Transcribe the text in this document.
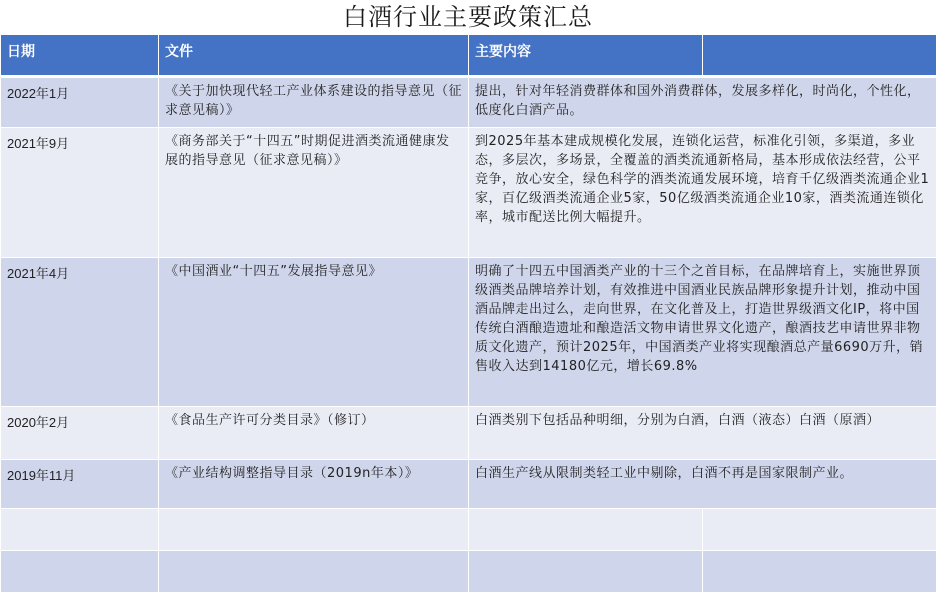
白酒行业主要政策汇总
日期	文件	主要内容	
2022年1月	《关于加快现代轻工产业体系建设的指导意见（征求意见稿）》	提出，针对年轻消费群体和国外消费群体，发展多样化，时尚化，个性化，低度化白酒产品。	
2021年9月	《商务部关于“十四五”时期促进酒类流通健康发展的指导意见（征求意见稿）》	到2025年基本建成规模化发展，连锁化运营，标准化引领，多渠道，多业态，多层次，多场景，全覆盖的酒类流通新格局，基本形成依法经营，公平竞争，放心安全，绿色科学的酒类流通发展环境，培育千亿级酒类流通企业1家，百亿级酒类流通企业5家，50亿级酒类流通企业10家，酒类流通连锁化率，城市配送比例大幅提升。	
2021年4月	《中国酒业“十四五”发展指导意见》	明确了十四五中国酒类产业的十三个之首目标，在品牌培育上，实施世界顶级酒类品牌培养计划，有效推进中国酒业民族品牌形象提升计划，推动中国酒品牌走出过么，走向世界，在文化普及上，打造世界级酒文化IP，将中国传统白酒酿造遗址和酿造活文物申请世界文化遗产，酿酒技艺申请世界非物质文化遗产，预计2025年，中国酒类产业将实现酿酒总产量6690万升，销售收入达到14180亿元，增长69.8%	
2020年2月	《食品生产许可分类目录》（修订）	白酒类别下包括品种明细，分别为白酒，白酒（液态）白酒（原酒）	
2019年11月	《产业结构调整指导目录（2019n年本）》	白酒生产线从限制类轻工业中剔除，白酒不再是国家限制产业。	
